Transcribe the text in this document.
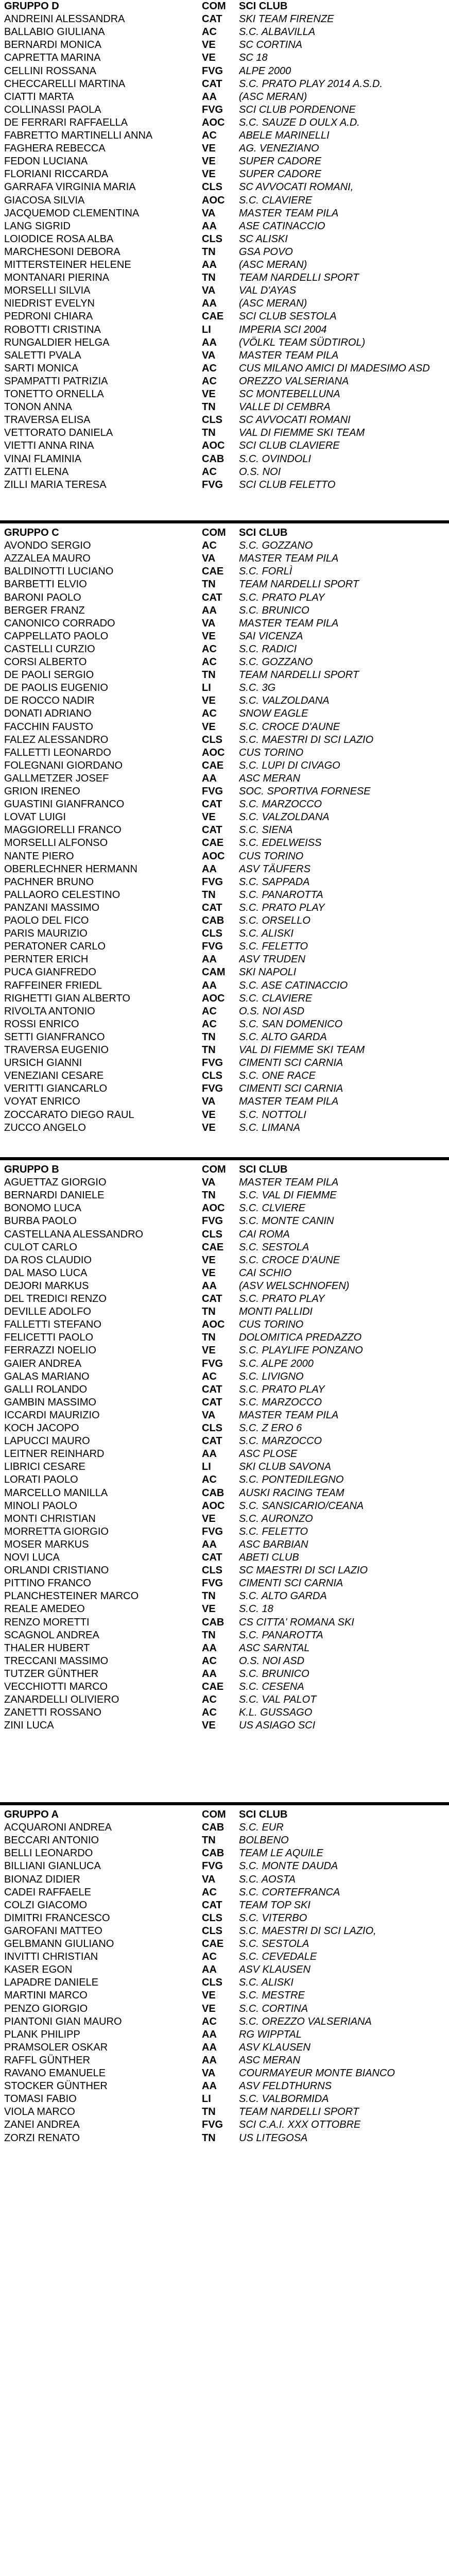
GRUPPO D	COM	SCI CLUB
ANDREINI ALESSANDRA	CAT	SKI TEAM FIRENZE
BALLABIO GIULIANA	AC	S.C. ALBAVILLA
BERNARDI MONICA	VE	SC CORTINA
CAPRETTA MARINA	VE	SC 18
CELLINI ROSSANA	FVG	ALPE 2000
CHECCARELLI MARTINA	CAT	S.C. PRATO PLAY 2014 A.S.D.
CIATTI MARTA	AA	(ASC MERAN)
COLLINASSI PAOLA	FVG	SCI CLUB PORDENONE
DE FERRARI RAFFAELLA	AOC	S.C. SAUZE D OULX A.D.
FABRETTO MARTINELLI ANNA	AC	ABELE MARINELLI
FAGHERA REBECCA	VE	AG. VENEZIANO
FEDON LUCIANA	VE	SUPER CADORE
FLORIANI RICCARDA	VE	SUPER CADORE
GARRAFA VIRGINIA MARIA	CLS	SC AVVOCATI ROMANI,
GIACOSA SILVIA	AOC	S.C. CLAVIERE
JACQUEMOD CLEMENTINA	VA	MASTER TEAM PILA
LANG SIGRID	AA	ASE CATINACCIO
LOIODICE ROSA ALBA	CLS	SC ALISKI
MARCHESONI DEBORA	TN	GSA POVO
MITTERSTEINER HELENE	AA	(ASC MERAN)
MONTANARI PIERINA	TN	TEAM NARDELLI SPORT
MORSELLI SILVIA	VA	VAL D'AYAS
NIEDRIST EVELYN	AA	(ASC MERAN)
PEDRONI CHIARA	CAE	SCI CLUB SESTOLA
ROBOTTI CRISTINA	LI	IMPERIA SCI 2004
RUNGALDIER HELGA	AA	(VÖLKL TEAM SÜDTIROL)
SALETTI PVALA	VA	MASTER TEAM PILA
SARTI MONICA	AC	CUS MILANO AMICI DI MADESIMO ASD
SPAMPATTI PATRIZIA	AC	OREZZO VALSERIANA
TONETTO ORNELLA	VE	SC MONTEBELLUNA
TONON ANNA	TN	VALLE DI CEMBRA
TRAVERSA ELISA	CLS	SC AVVOCATI ROMANI
VETTORATO DANIELA	TN	VAL DI FIEMME SKI TEAM
VIETTI ANNA RINA	AOC	SCI CLUB CLAVIERE
VINAI FLAMINIA	CAB	S.C. OVINDOLI
ZATTI ELENA	AC	O.S. NOI
ZILLI MARIA TERESA	FVG	SCI CLUB FELETTO
GRUPPO C	COM	SCI CLUB
AVONDO SERGIO	AC	S.C. GOZZANO
AZZALEA MAURO	VA	MASTER TEAM PILA
BALDINOTTI LUCIANO	CAE	S.C. FORLÌ
BARBETTI ELVIO	TN	TEAM NARDELLI SPORT
BARONI PAOLO	CAT	S.C. PRATO PLAY
BERGER FRANZ	AA	S.C. BRUNICO
CANONICO CORRADO	VA	MASTER TEAM PILA
CAPPELLATO PAOLO	VE	SAI VICENZA
CASTELLI CURZIO	AC	S.C. RADICI
CORSI ALBERTO	AC	S.C. GOZZANO
DE PAOLI SERGIO	TN	TEAM NARDELLI SPORT
DE PAOLIS EUGENIO	LI	S.C. 3G
DE ROCCO NADIR	VE	S.C. VALZOLDANA
DONATI ADRIANO	AC	SNOW EAGLE
FACCHIN FAUSTO	VE	S.C. CROCE D'AUNE
FALEZ ALESSANDRO	CLS	S.C. MAESTRI DI SCI LAZIO
FALLETTI LEONARDO	AOC	CUS TORINO
FOLEGNANI GIORDANO	CAE	S.C. LUPI DI CIVAGO
GALLMETZER JOSEF	AA	ASC MERAN
GRION IRENEO	FVG	SOC. SPORTIVA FORNESE
GUASTINI GIANFRANCO	CAT	S.C. MARZOCCO
LOVAT LUIGI	VE	S.C. VALZOLDANA
MAGGIORELLI FRANCO	CAT	S.C. SIENA
MORSELLI ALFONSO	CAE	S.C. EDELWEISS
NANTE PIERO	AOC	CUS TORINO
OBERLECHNER HERMANN	AA	ASV TÄUFERS
PACHNER BRUNO	FVG	S.C. SAPPADA
PALLAORO CELESTINO	TN	S.C. PANAROTTA
PANZANI MASSIMO	CAT	S.C. PRATO PLAY
PAOLO DEL FICO	CAB	S.C. ORSELLO
PARIS MAURIZIO	CLS	S.C. ALISKI
PERATONER CARLO	FVG	S.C. FELETTO
PERNTER ERICH	AA	ASV TRUDEN
PUCA GIANFREDO	CAM	SKI NAPOLI
RAFFEINER FRIEDL	AA	S.C. ASE CATINACCIO
RIGHETTI GIAN ALBERTO	AOC	S.C. CLAVIERE
RIVOLTA ANTONIO	AC	O.S. NOI ASD
ROSSI ENRICO	AC	S.C. SAN DOMENICO
SETTI GIANFRANCO	TN	S.C. ALTO GARDA
TRAVERSA EUGENIO	TN	VAL DI FIEMME SKI TEAM
URSICH GIANNI	FVG	CIMENTI SCI CARNIA
VENEZIANI CESARE	CLS	S.C. ONE RACE
VERITTI GIANCARLO	FVG	CIMENTI SCI CARNIA
VOYAT ENRICO	VA	MASTER TEAM PILA
ZOCCARATO DIEGO RAUL	VE	S.C. NOTTOLI
ZUCCO ANGELO	VE	S.C. LIMANA
GRUPPO B	COM	SCI CLUB
AGUETTAZ GIORGIO	VA	MASTER TEAM PILA
BERNARDI DANIELE	TN	S.C. VAL DI FIEMME
BONOMO LUCA	AOC	S.C. CLVIERE
BURBA PAOLO	FVG	S.C. MONTE CANIN
CASTELLANA ALESSANDRO	CLS	CAI ROMA
CULOT CARLO	CAE	S.C. SESTOLA
DA ROS CLAUDIO	VE	S.C. CROCE D'AUNE
DAL MASO LUCA	VE	CAI SCHIO
DEJORI MARKUS	AA	(ASV WELSCHNOFEN)
DEL TREDICI RENZO	CAT	S.C. PRATO PLAY
DEVILLE ADOLFO	TN	MONTI PALLIDI
FALLETTI STEFANO	AOC	CUS TORINO
FELICETTI PAOLO	TN	DOLOMITICA PREDAZZO
FERRAZZI NOELIO	VE	S.C. PLAYLIFE PONZANO
GAIER ANDREA	FVG	S.C. ALPE 2000
GALAS MARIANO	AC	S.C. LIVIGNO
GALLI ROLANDO	CAT	S.C. PRATO PLAY
GAMBIN MASSIMO	CAT	S.C. MARZOCCO
ICCARDI MAURIZIO	VA	MASTER TEAM PILA
KOCH JACOPO	CLS	S.C. Z ERO 6
LAPUCCI MAURO	CAT	S.C. MARZOCCO
LEITNER REINHARD	AA	ASC PLOSE
LIBRICI CESARE	LI	SKI CLUB SAVONA
LORATI PAOLO	AC	S.C. PONTEDILEGNO
MARCELLO MANILLA	CAB	AUSKI RACING TEAM
MINOLI PAOLO	AOC	S.C. SANSICARIO/CEANA
MONTI CHRISTIAN	VE	S.C. AURONZO
MORRETTA GIORGIO	FVG	S.C. FELETTO
MOSER MARKUS	AA	ASC BARBIAN
NOVI LUCA	CAT	ABETI CLUB
ORLANDI CRISTIANO	CLS	SC MAESTRI DI SCI LAZIO
PITTINO FRANCO	FVG	CIMENTI SCI CARNIA
PLANCHESTEINER MARCO	TN	S.C. ALTO GARDA
REALE AMEDEO	VE	S.C. 18
RENZO MORETTI	CAB	CS CITTA' ROMANA SKI
SCAGNOL ANDREA	TN	S.C. PANAROTTA
THALER HUBERT	AA	ASC SARNTAL
TRECCANI MASSIMO	AC	O.S. NOI ASD
TUTZER GÜNTHER	AA	S.C. BRUNICO
VECCHIOTTI MARCO	CAE	S.C. CESENA
ZANARDELLI OLIVIERO	AC	S.C. VAL PALOT
ZANETTI ROSSANO	AC	K.L. GUSSAGO
ZINI LUCA	VE	US ASIAGO SCI
GRUPPO A	COM	SCI CLUB
ACQUARONI ANDREA	CAB	S.C. EUR
BECCARI ANTONIO	TN	BOLBENO
BELLI LEONARDO	CAB	TEAM LE AQUILE
BILLIANI GIANLUCA	FVG	S.C. MONTE DAUDA
BIONAZ DIDIER	VA	S.C. AOSTA
CADEI RAFFAELE	AC	S.C. CORTEFRANCA
COLZI GIACOMO	CAT	TEAM TOP SKI
DIMITRI FRANCESCO	CLS	S.C. VITERBO
GAROFANI MATTEO	CLS	S.C. MAESTRI DI SCI LAZIO,
GELBMANN GIULIANO	CAE	S.C. SESTOLA
INVITTI CHRISTIAN	AC	S.C. CEVEDALE
KASER EGON	AA	ASV KLAUSEN
LAPADRE DANIELE	CLS	S.C. ALISKI
MARTINI MARCO	VE	S.C. MESTRE
PENZO GIORGIO	VE	S.C. CORTINA
PIANTONI GIAN MAURO	AC	S.C. OREZZO VALSERIANA
PLANK PHILIPP	AA	RG WIPPTAL
PRAMSOLER OSKAR	AA	ASV KLAUSEN
RAFFL GÜNTHER	AA	ASC MERAN
RAVANO EMANUELE	VA	COURMAYEUR MONTE BIANCO
STOCKER GÜNTHER	AA	ASV FELDTHURNS
TOMASI FABIO	LI	S.C. VALBORMIDA
VIOLA MARCO	TN	TEAM NARDELLI SPORT
ZANEI ANDREA	FVG	SCI C.A.I. XXX OTTOBRE
ZORZI RENATO	TN	US LITEGOSA
